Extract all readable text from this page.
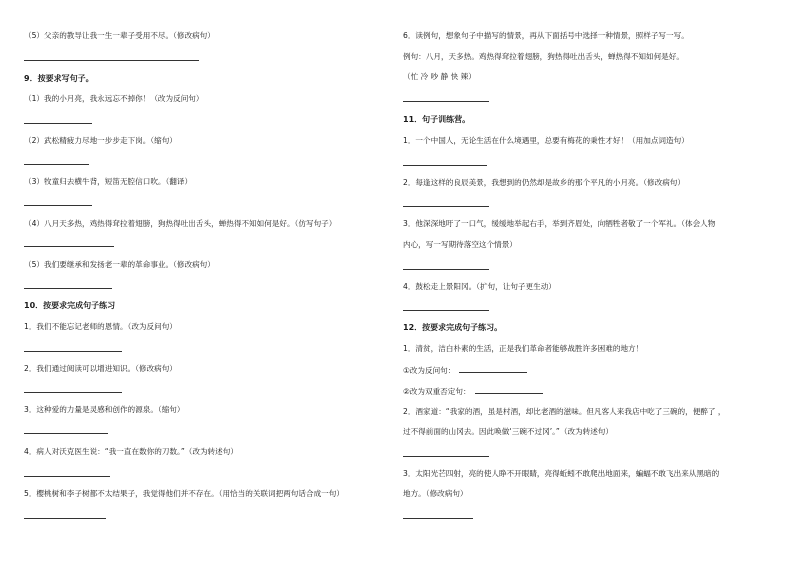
（5）父亲的教导让我一生一辈子受用不尽。（修改病句）
9．按要求写句子。
（1）我的小月亮，我永远忘不掉你！（改为反问句）
（2）武松精疲力尽地一步步走下岗。（缩句）
（3）牧童归去横牛背，短笛无腔信口吹。（翻译）
（4）八月天多热，鸡热得耷拉着翅膀，狗热得吐出舌头，蝉热得不知如何是好。（仿写句子）
（5）我们要继承和发扬老一辈的革命事业。（修改病句）
10．按要求完成句子练习
1．我们不能忘记老师的恩情。（改为反问句）
2．我们通过阅读可以增进知识。（修改病句）
3．这种爱的力量是灵感和创作的源泉。（缩句）
4．病人对沃克医生说：“我一直在数你的刀数。”（改为转述句）
5．樱桃树和李子树都不太结果子，我觉得他们并不存在。（用恰当的关联词把两句话合成一句）
6．读例句，想象句子中描写的情景，再从下面括号中选择一种情景，照样子写一写。
例句：八月，天多热。鸡热得耷拉着翅膀，狗热得吐出舌头，蝉热得不知如何是好。
（忙 冷 吵 静 快 辣）
11．句子训练营。
1．一个中国人，无论生活在什么境遇里，总要有梅花的秉性才好！（用加点词造句）
2．每逢这样的良辰美景，我想到的仍然却是故乡的那个平凡的小月亮。（修改病句）
3．他深深地吁了一口气，缓缓地举起右手，举到齐眉处，向牺牲者敬了一个军礼。（体会人物
内心，写一写期待落空这个情景）
4．鼓松走上景阳冈。（扩句，让句子更生动）
12．按要求完成句子练习。
1．清贫，洁白朴素的生活，正是我们革命者能够战胜许多困难的地方！
①改为反问句：
②改为双重否定句：
2．酒家道：“我家的酒，虽是村酒，却比老酒的滋味。但凡客人来我店中吃了三碗的，便醉了 ，
过不得前面的山冈去。因此唤做‘三碗不过冈’。”（改为转述句）
3．太阳光芒四射，亮的使人睁不开眼睛，亮得蚯蚓不敢爬出地面来，蝙蝠不敢飞出来从黑暗的
地方。（修改病句）
